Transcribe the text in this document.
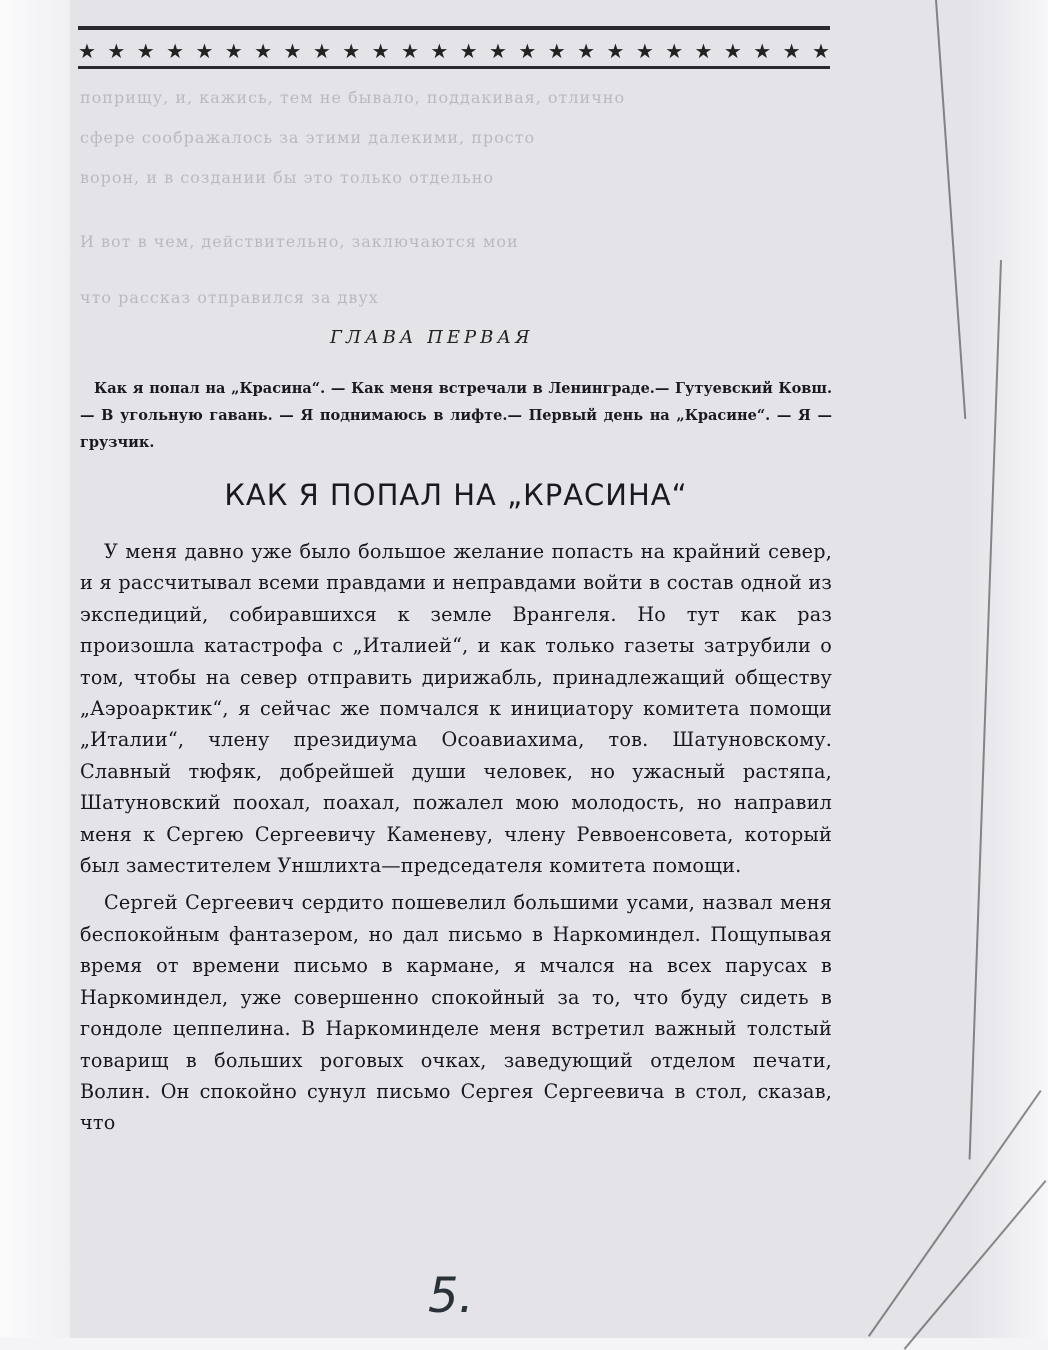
★ ★ ★ ★ ★ ★ ★ ★ ★ ★ ★ ★ ★ ★ ★ ★ ★ ★ ★ ★ ★ ★ ★ ★ ★ ★
поприщу, и, кажись, тем не бывало, поддакивая, отлично
сфере соображалось за этими далекими, просто
ворон, и в создании бы это только отдельно
И вот в чем, действительно, заключаются мои
что рассказ отправился за двух
ГЛАВА ПЕРВАЯ
Как я попал на „Красина“. — Как меня встречали в Ленинграде.— Гутуевский Ковш. — В угольную гавань. — Я поднимаюсь в лифте.— Первый день на „Красине“. — Я — грузчик.
КАК Я ПОПАЛ НА „КРАСИНА“

У меня давно уже было большое желание попасть на крайний север, и я рассчитывал всеми правдами и неправдами войти в состав одной из экспедиций, собиравшихся к земле Врангеля. Но тут как раз произошла катастрофа с „Италией“, и как только газеты затрубили о том, чтобы на север отправить дирижабль, принадлежащий обществу „Аэроарктик“, я сейчас же помчался к инициатору комитета помощи „Италии“, члену президиума Осоавиахима, тов. Шатуновскому. Славный тюфяк, добрейшей души человек, но ужасный растяпа, Шатуновский поохал, поахал, пожалел мою молодость, но направил меня к Сергею Сергеевичу Каменеву, члену Реввоенсовета, который был заместителем Уншлихта—председателя комитета помощи.

Сергей Сергеевич сердито пошевелил большими усами, назвал меня беспокойным фантазером, но дал письмо в Наркоминдел. Пощупывая время от времени письмо в кармане, я мчался на всех парусах в Наркоминдел, уже совершенно спокойный за то, что буду сидеть в гондоле цеппелина. В Наркоминделе меня встретил важный толстый товарищ в больших роговых очках, заведующий отделом печати, Волин. Он спокойно сунул письмо Сергея Сергеевича в стол, сказав, что

5.
